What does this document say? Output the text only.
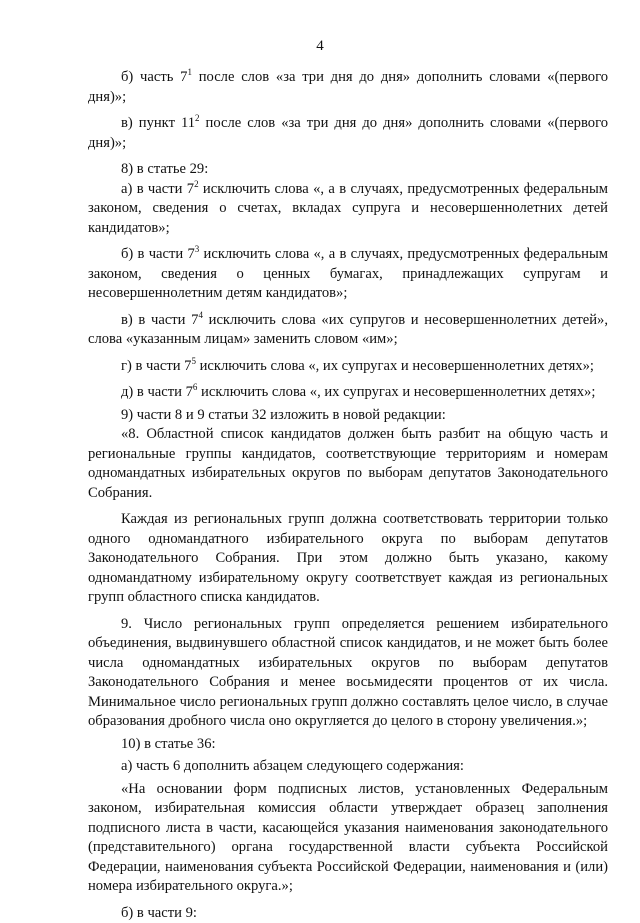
4

б) часть $7^1$ после слов «за три дня до дня» дополнить словами «(первого дня)»;

в) пункт $11^2$ после слов «за три дня до дня» дополнить словами «(первого дня)»;

8) в статье 29:

а) в части $7^2$ исключить слова «, а в случаях, предусмотренных федеральным законом, сведения о счетах, вкладах супруга и несовершеннолетних детей кандидатов»;

б) в части $7^3$ исключить слова «, а в случаях, предусмотренных федеральным законом, сведения о ценных бумагах, принадлежащих супругам и несовершеннолетним детям кандидатов»;

в) в части $7^4$ исключить слова «их супругов и несовершеннолетних детей», слова «указанным лицам» заменить словом «им»;

г) в части $7^5$ исключить слова «, их супругах и несовершеннолетних детях»;

д) в части $7^6$ исключить слова «, их супругах и несовершеннолетних детях»;

9) части 8 и 9 статьи 32 изложить в новой редакции:

«8. Областной список кандидатов должен быть разбит на общую часть и региональные группы кандидатов, соответствующие территориям и номерам одномандатных избирательных округов по выборам депутатов Законодательного Собрания.

Каждая из региональных групп должна соответствовать территории только одного одномандатного избирательного округа по выборам депутатов Законодательного Собрания. При этом должно быть указано, какому одномандатному избирательному округу соответствует каждая из региональных групп областного списка кандидатов.

9. Число региональных групп определяется решением избирательного объединения, выдвинувшего областной список кандидатов, и не может быть более числа одномандатных избирательных округов по выборам депутатов Законодательного Собрания и менее восьмидесяти процентов от их числа. Минимальное число региональных групп должно составлять целое число, в случае образования дробного числа оно округляется до целого в сторону увеличения.»;

10) в статье 36:

а) часть 6 дополнить абзацем следующего содержания:

«На основании форм подписных листов, установленных Федеральным законом, избирательная комиссия области утверждает образец заполнения подписного листа в части, касающейся указания наименования законодательного (представительного) органа государственной власти субъекта Российской Федерации, наименования субъекта Российской Федерации, наименования и (или) номера избирательного округа.»;

б) в части 9:
